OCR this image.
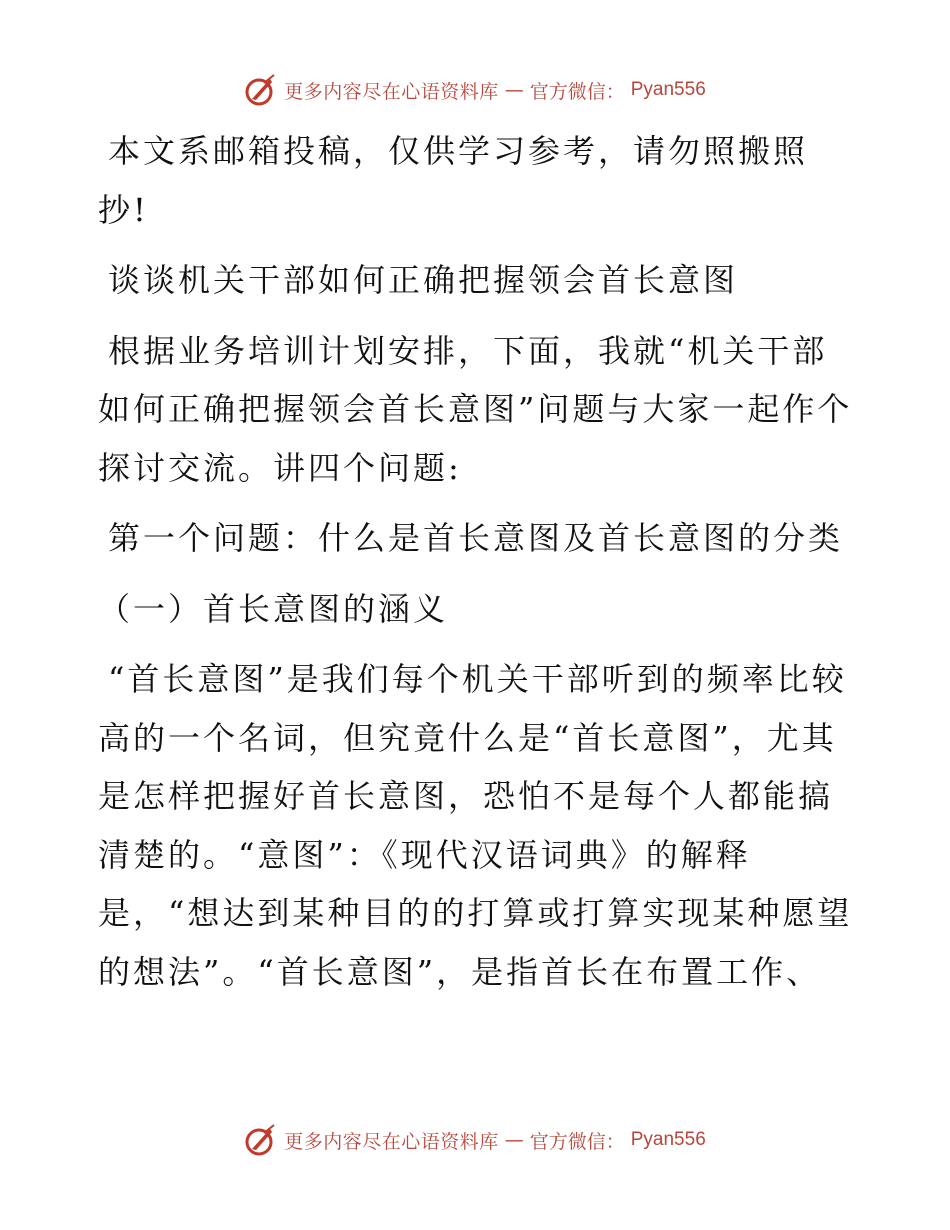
更多内容尽在心语资料库 — 官方微信： Pyan556

本文系邮箱投稿，仅供学习参考，请勿照搬照抄!

谈谈机关干部如何正确把握领会首长意图

根据业务培训计划安排，下面，我就“机关干部如何正确把握领会首长意图”问题与大家一起作个探讨交流。讲四个问题:

第一个问题：什么是首长意图及首长意图的分类

（一）首长意图的涵义

“首长意图”是我们每个机关干部听到的频率比较高的一个名词，但究竟什么是“首长意图”，尤其是怎样把握好首长意图，恐怕不是每个人都能搞清楚的。“意图”：《现代汉语词典》的解释是，“想达到某种目的的打算或打算实现某种愿望的想法”。“首长意图”，是指首长在布置工作、

更多内容尽在心语资料库 — 官方微信： Pyan556
